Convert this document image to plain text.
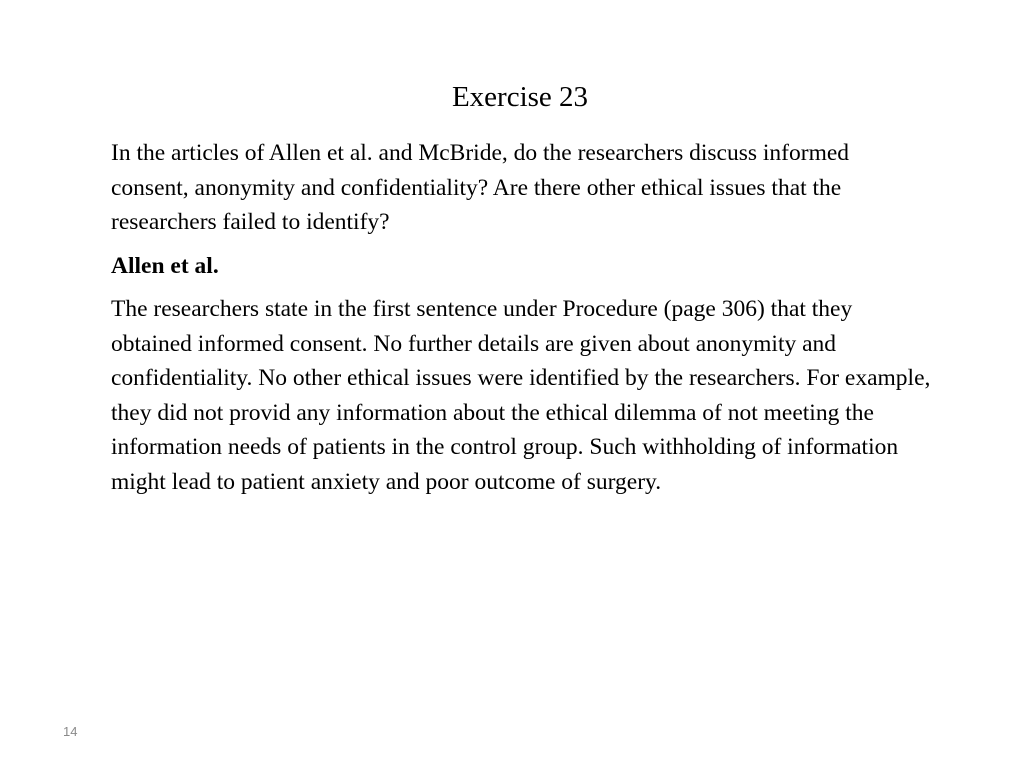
Exercise 23

In the articles of Allen et al. and McBride, do the researchers discuss informed consent, anonymity and confidentiality? Are there other ethical issues that the researchers failed to identify?

Allen et al.

The researchers state in the first sentence under Procedure (page 306) that they obtained informed consent. No further details are given about anonymity and confidentiality. No other ethical issues were identified by the researchers. For example, they did not provid any information about the ethical dilemma of not meeting the information needs of patients in the control group. Such withholding of information might lead to patient anxiety and poor outcome of surgery.

14
